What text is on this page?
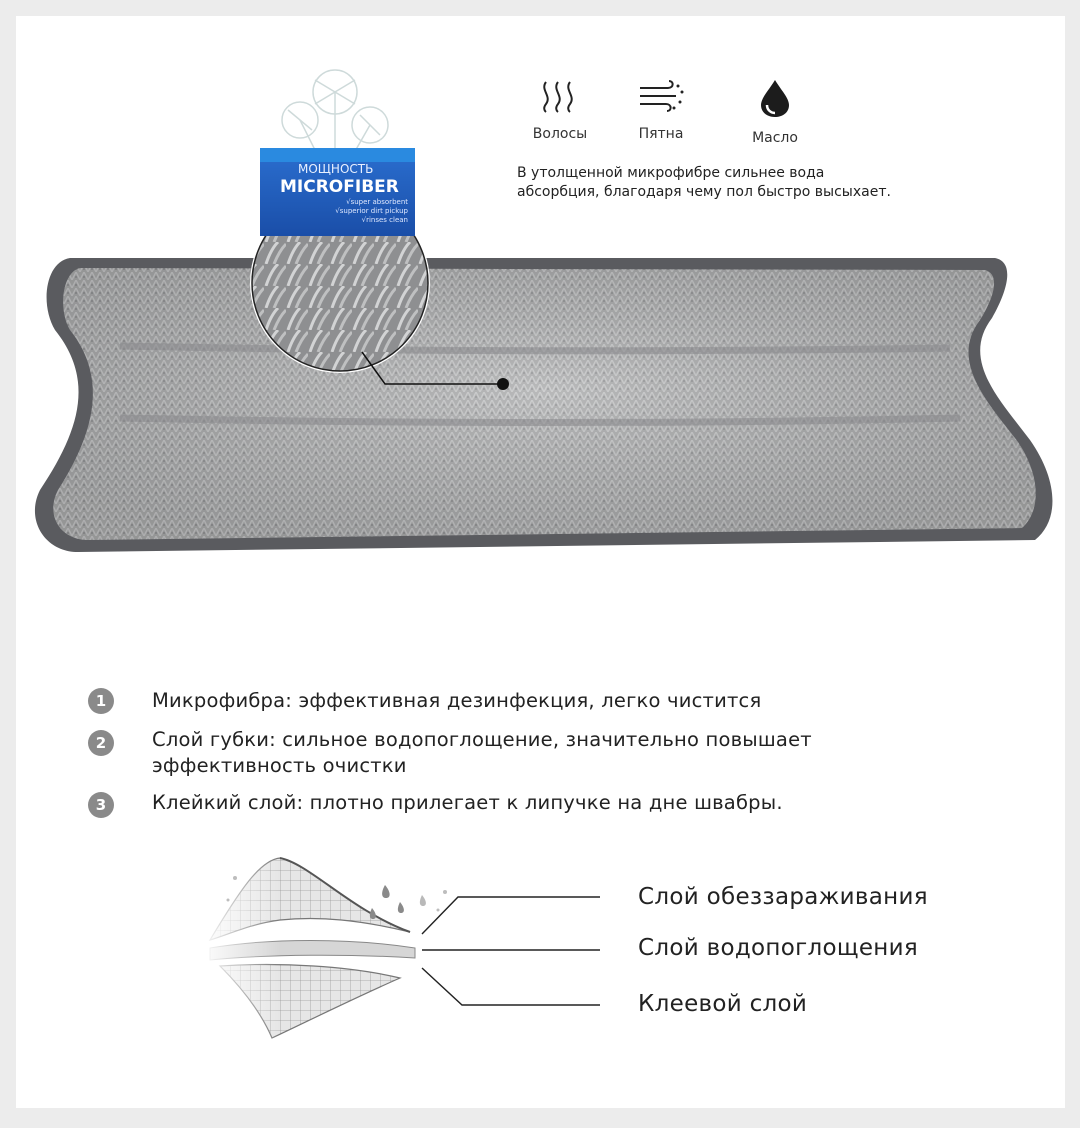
МОЩНОСТЬ
MICROFIBER
√super absorbent
√superior dirt pickup
√rinses clean
Волосы	Пятна	Масло
В утолщенной микрофибре сильнее вода
абсорбция, благодаря чему пол быстро высыхает.
1	Микрофибра: эффективная дезинфекция, легко чистится
2	Слой губки: сильное водопоглощение, значительно повышает эффективность очистки
3	Клейкий слой: плотно прилегает к липучке на дне швабры.
Слой обеззараживания
Слой водопоглощения
Клеевой слой
